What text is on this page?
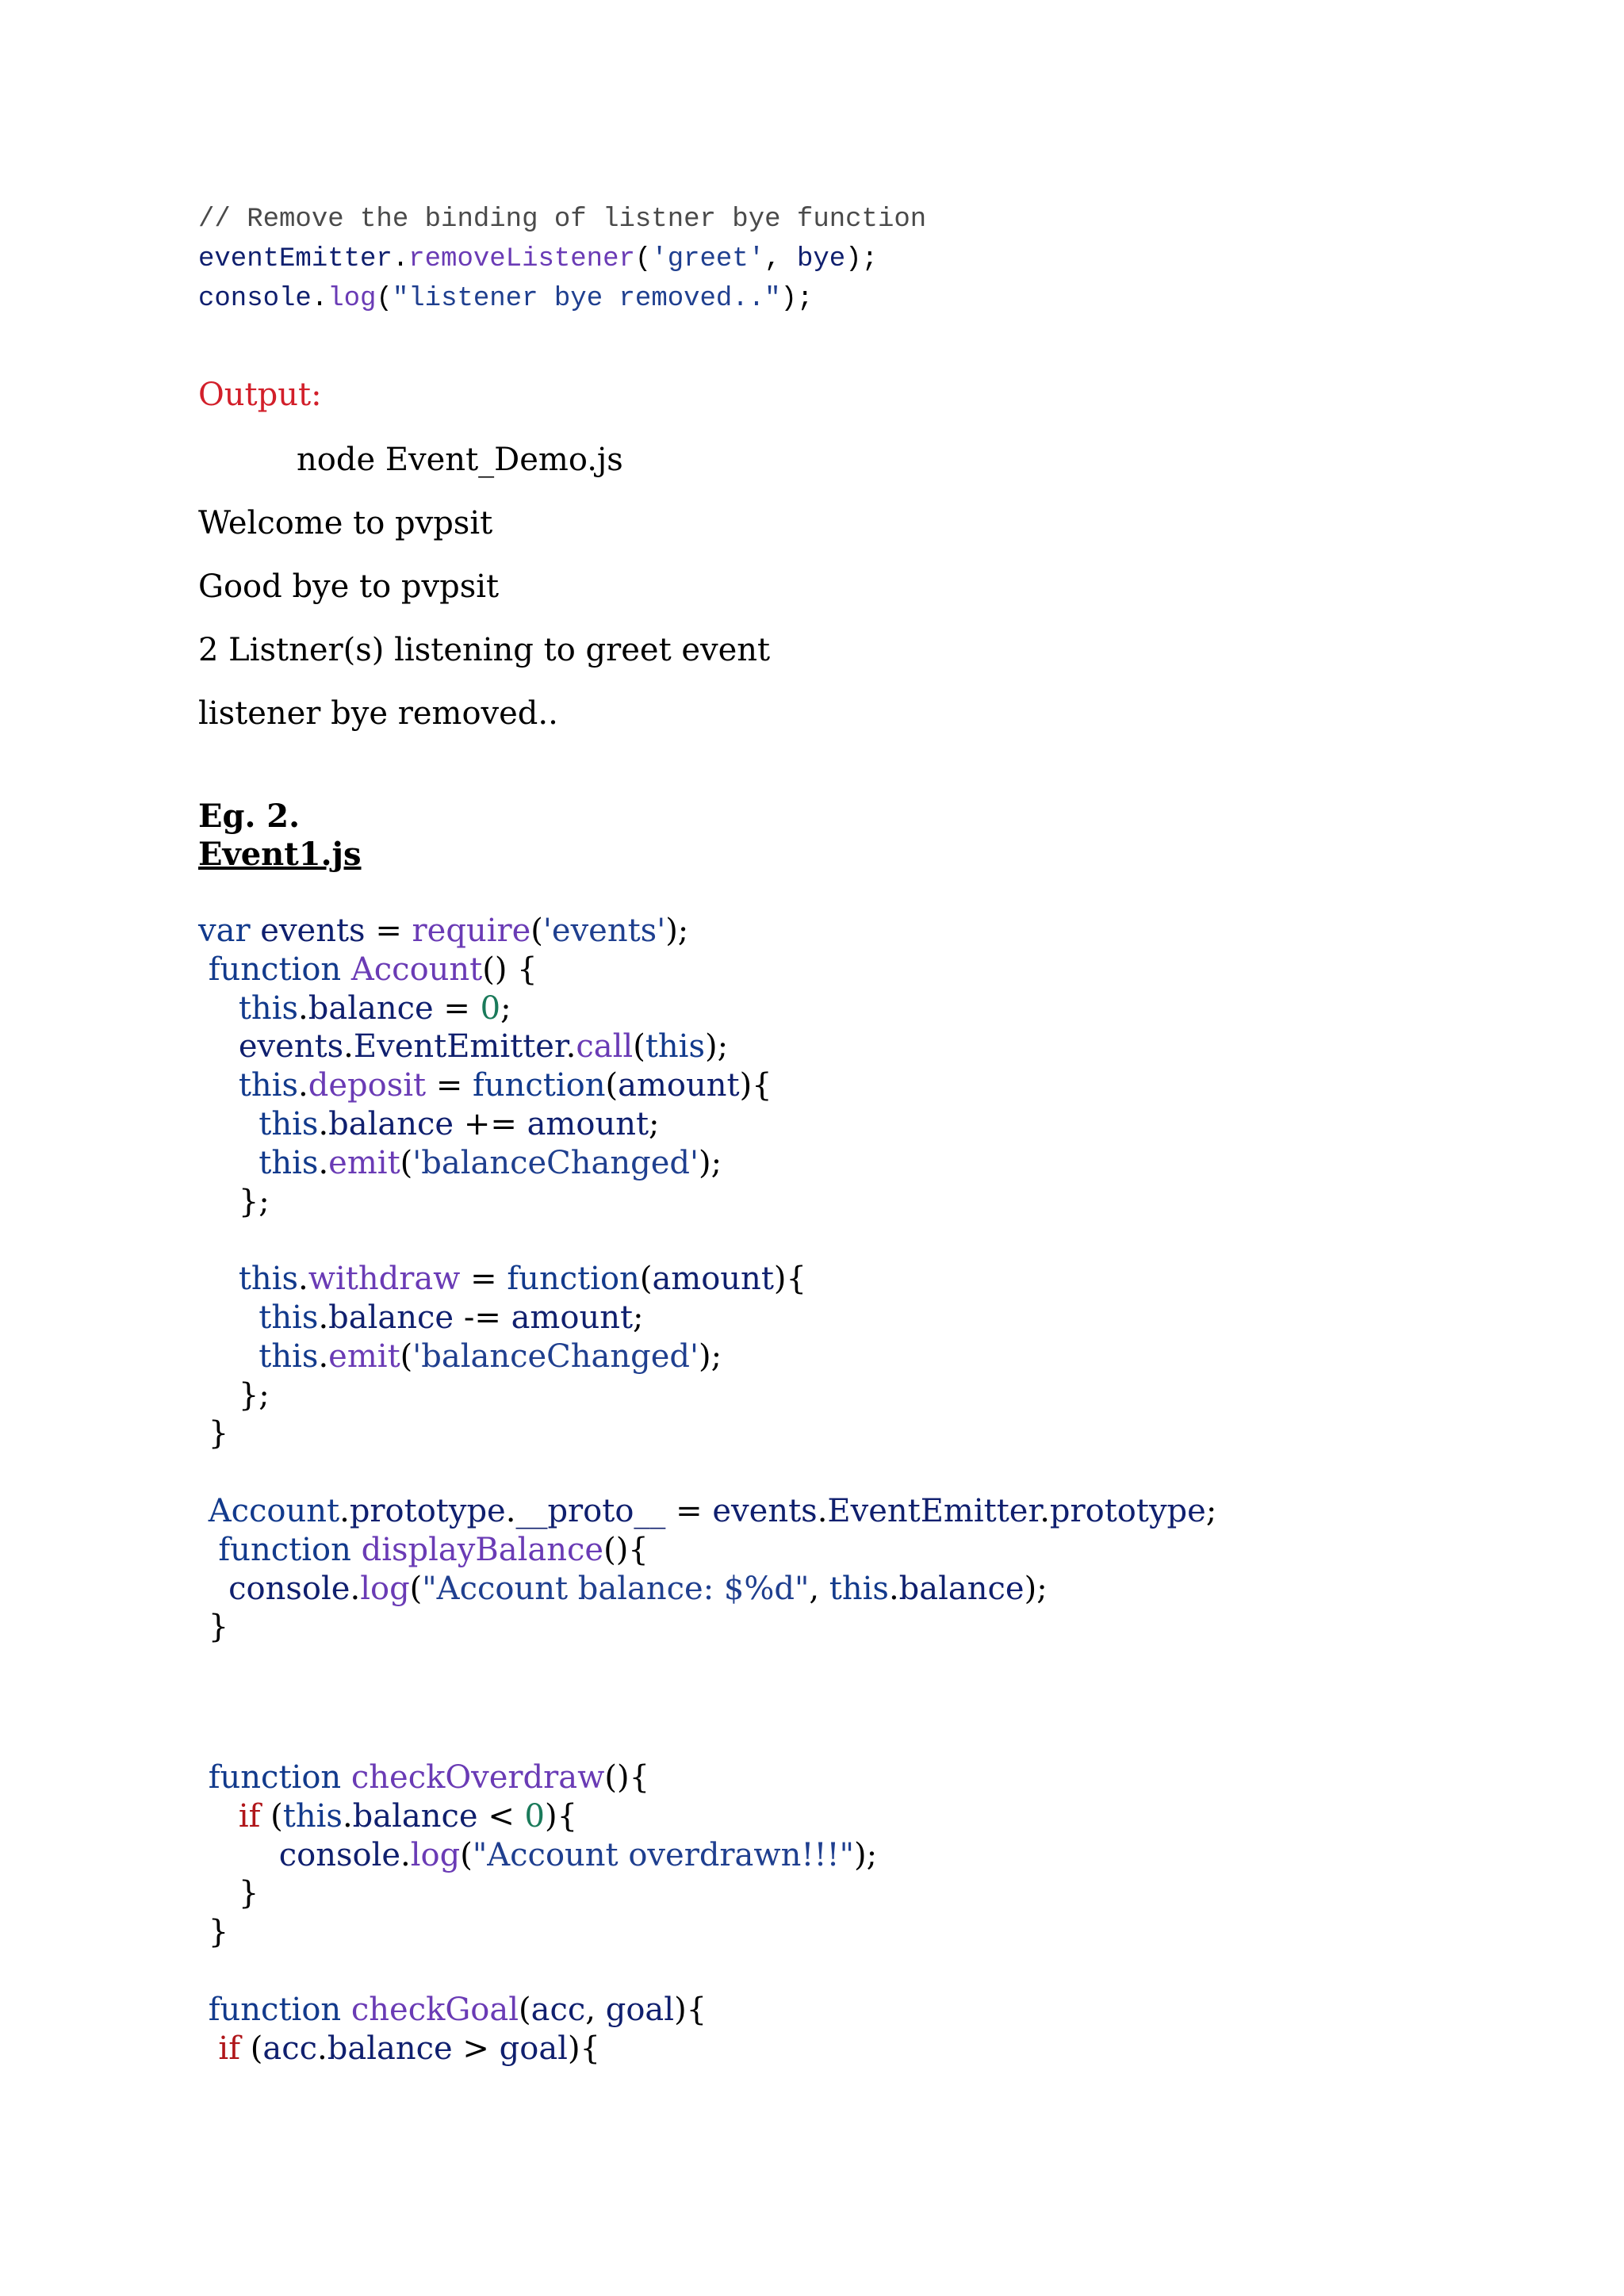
// Remove the binding of listner bye function
eventEmitter.removeListener('greet', bye);
console.log("listener bye removed..");
Output:
node Event_Demo.js
Welcome to pvpsit
Good bye to pvpsit
2 Listner(s) listening to greet event
listener bye removed..
Eg. 2.
Event1.js
var events = require('events');
function Account() {
this.balance = 0;
events.EventEmitter.call(this);
this.deposit = function(amount){
this.balance += amount;
this.emit('balanceChanged');
};

this.withdraw = function(amount){
this.balance -= amount;
this.emit('balanceChanged');
};
}

Account.prototype.__proto__ = events.EventEmitter.prototype;
function displayBalance(){
console.log("Account balance: $%d", this.balance);
}
function checkOverdraw(){
if (this.balance < 0){
console.log("Account overdrawn!!!");
}
}

function checkGoal(acc, goal){
if (acc.balance > goal){
